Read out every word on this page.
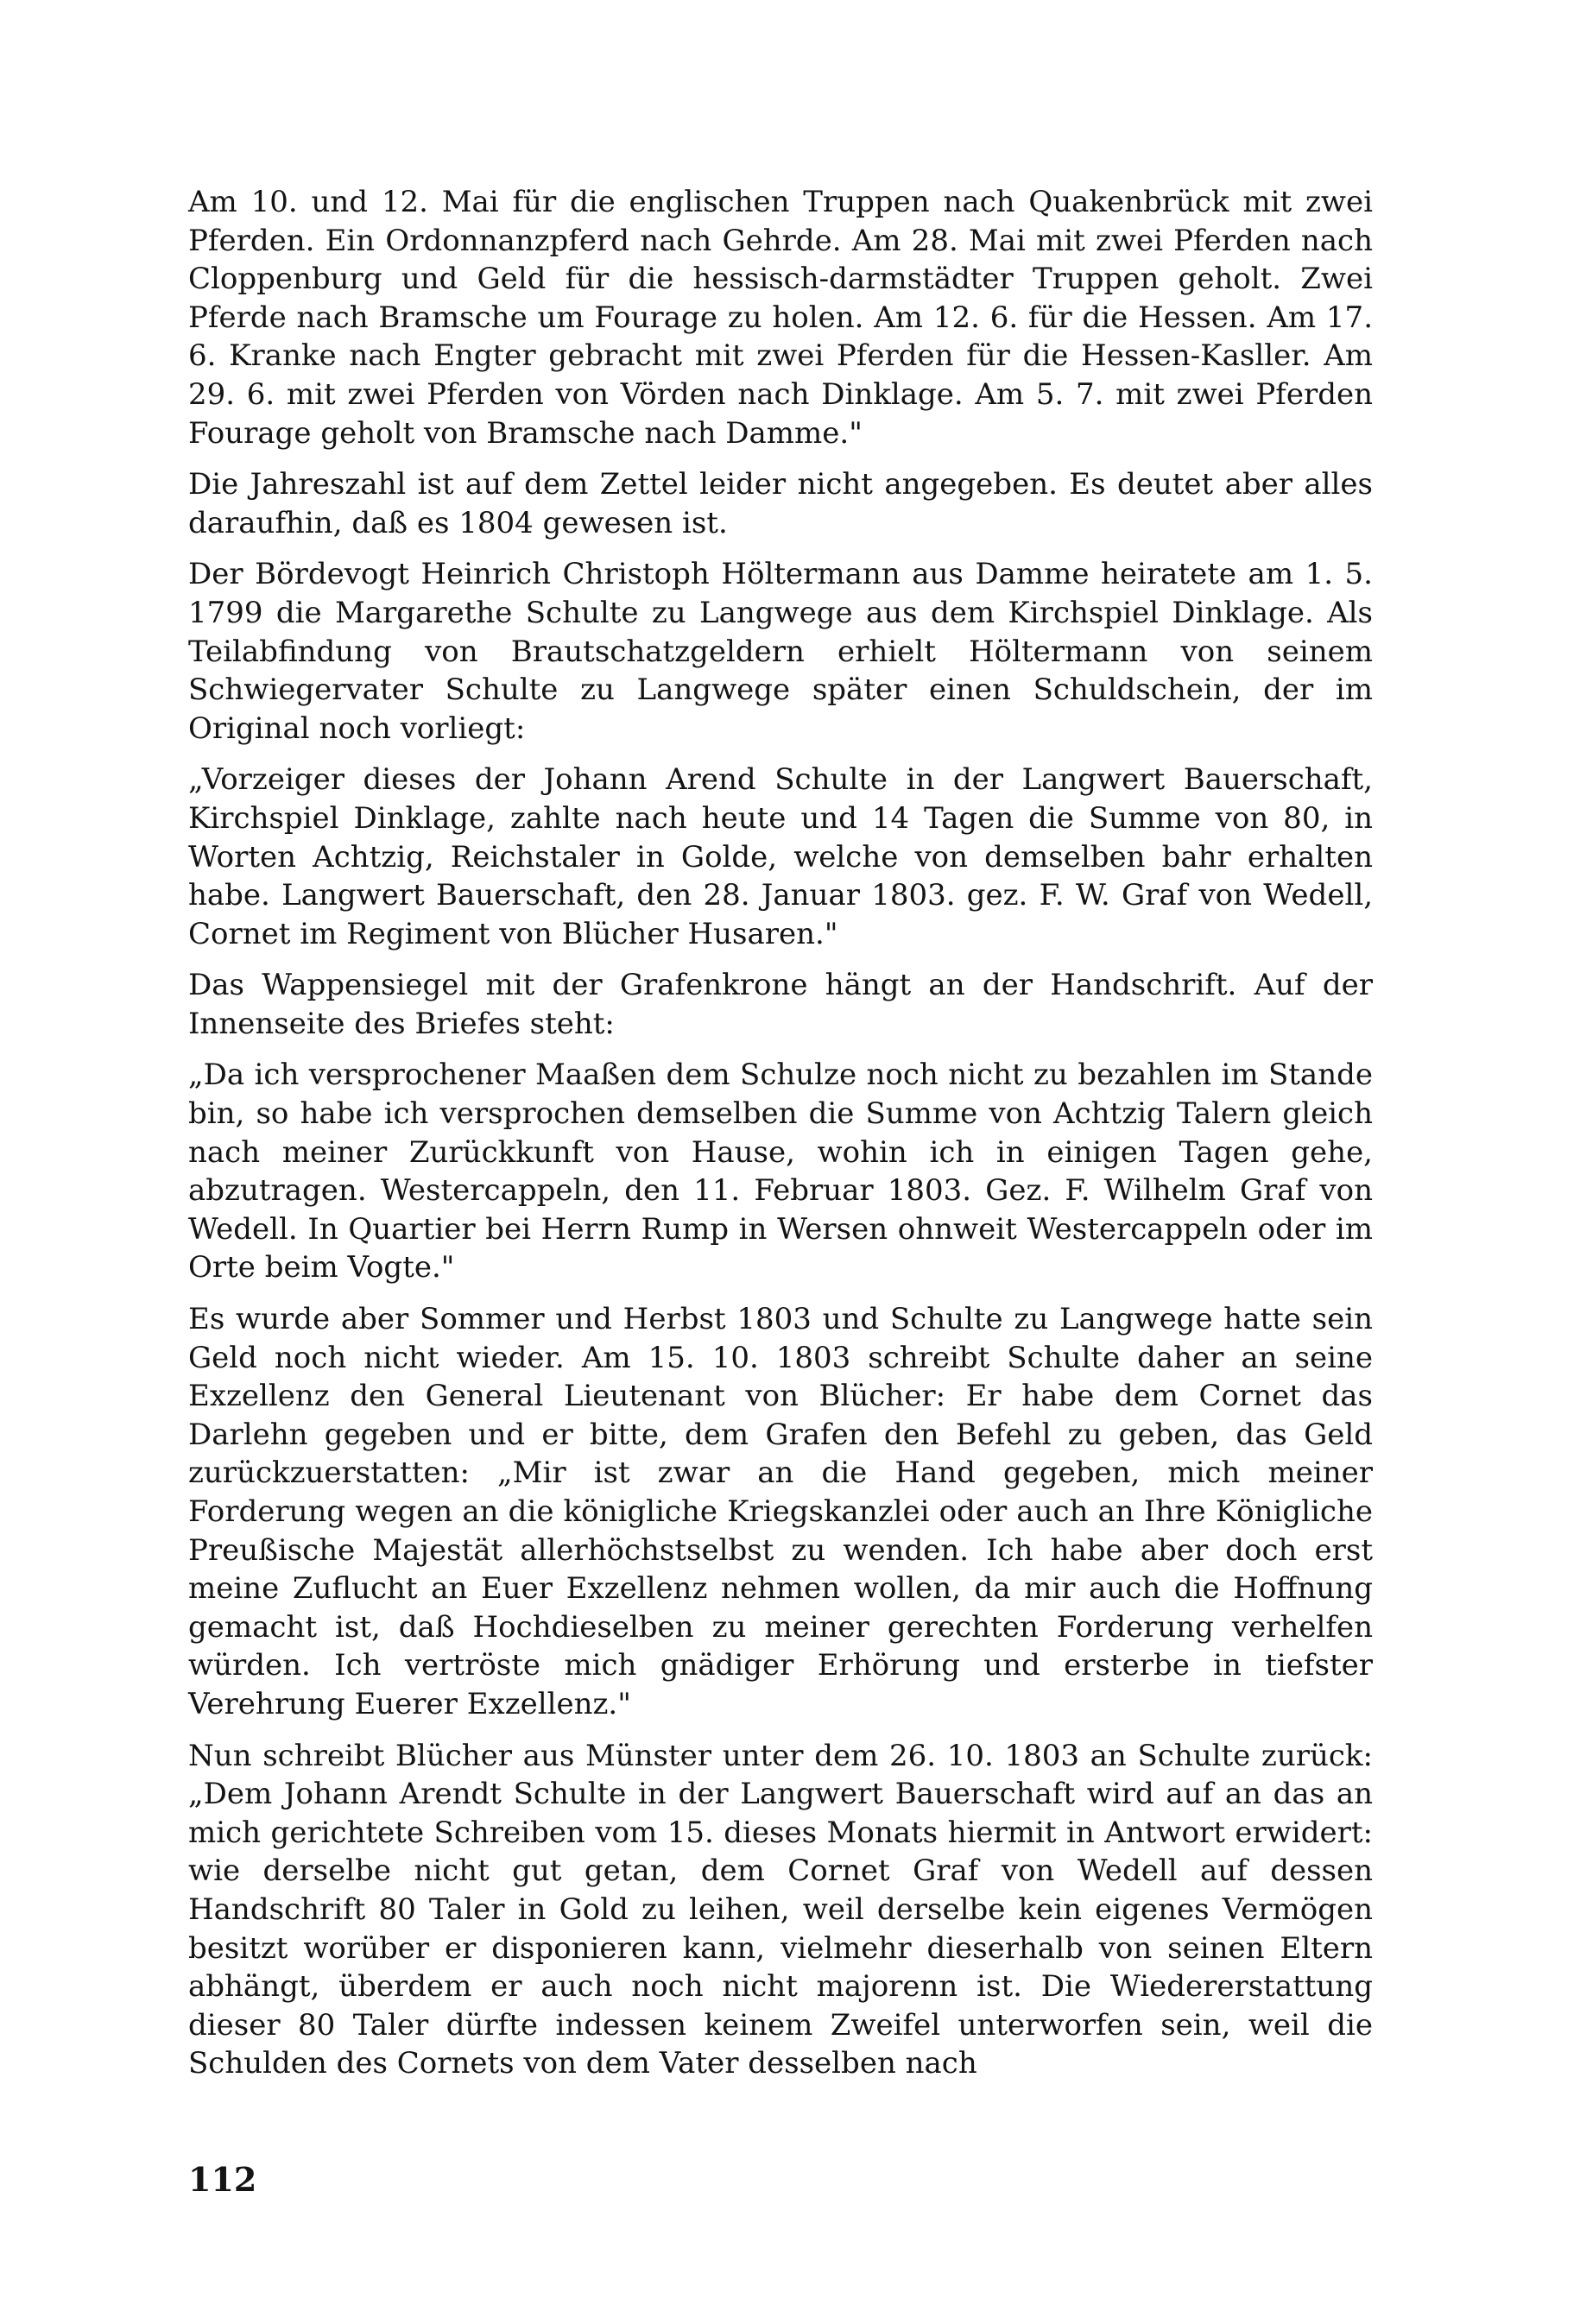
Am 10. und 12. Mai für die englischen Truppen nach Quakenbrück mit zwei Pferden. Ein Ordonnanzpferd nach Gehrde. Am 28. Mai mit zwei Pferden nach Cloppenburg und Geld für die hessisch-darmstädter Truppen geholt. Zwei Pferde nach Bramsche um Fourage zu holen. Am 12. 6. für die Hessen. Am 17. 6. Kranke nach Engter gebracht mit zwei Pferden für die Hessen-Kasller. Am 29. 6. mit zwei Pferden von Vörden nach Dinklage. Am 5. 7. mit zwei Pferden Fourage geholt von Bramsche nach Damme."

Die Jahreszahl ist auf dem Zettel leider nicht angegeben. Es deutet aber alles daraufhin, daß es 1804 gewesen ist.

Der Bördevogt Heinrich Christoph Höltermann aus Damme heiratete am 1. 5. 1799 die Margarethe Schulte zu Langwege aus dem Kirchspiel Dinklage. Als Teilabfindung von Brautschatzgeldern erhielt Höltermann von seinem Schwiegervater Schulte zu Langwege später einen Schuldschein, der im Original noch vorliegt:

„Vorzeiger dieses der Johann Arend Schulte in der Langwert Bauerschaft, Kirchspiel Dinklage, zahlte nach heute und 14 Tagen die Summe von 80, in Worten Achtzig, Reichstaler in Golde, welche von demselben bahr erhalten habe. Langwert Bauerschaft, den 28. Januar 1803. gez. F. W. Graf von Wedell, Cornet im Regiment von Blücher Husaren."

Das Wappensiegel mit der Grafenkrone hängt an der Handschrift. Auf der Innenseite des Briefes steht:

„Da ich versprochener Maaßen dem Schulze noch nicht zu bezahlen im Stande bin, so habe ich versprochen demselben die Summe von Achtzig Talern gleich nach meiner Zurückkunft von Hause, wohin ich in einigen Tagen gehe, abzutragen. Westercappeln, den 11. Februar 1803. Gez. F. Wilhelm Graf von Wedell. In Quartier bei Herrn Rump in Wersen ohnweit Westercappeln oder im Orte beim Vogte."

Es wurde aber Sommer und Herbst 1803 und Schulte zu Langwege hatte sein Geld noch nicht wieder. Am 15. 10. 1803 schreibt Schulte daher an seine Exzellenz den General Lieutenant von Blücher: Er habe dem Cornet das Darlehn gegeben und er bitte, dem Grafen den Befehl zu geben, das Geld zurückzuerstatten: „Mir ist zwar an die Hand gegeben, mich meiner Forderung wegen an die königliche Kriegskanzlei oder auch an Ihre Königliche Preußische Majestät allerhöchstselbst zu wenden. Ich habe aber doch erst meine Zuflucht an Euer Exzellenz nehmen wollen, da mir auch die Hoffnung gemacht ist, daß Hochdieselben zu meiner gerechten Forderung verhelfen würden. Ich vertröste mich gnädiger Erhörung und ersterbe in tiefster Verehrung Euerer Exzellenz."

Nun schreibt Blücher aus Münster unter dem 26. 10. 1803 an Schulte zurück: „Dem Johann Arendt Schulte in der Langwert Bauerschaft wird auf an das an mich gerichtete Schreiben vom 15. dieses Monats hiermit in Antwort erwidert: wie derselbe nicht gut getan, dem Cornet Graf von Wedell auf dessen Handschrift 80 Taler in Gold zu leihen, weil derselbe kein eigenes Vermögen besitzt worüber er disponieren kann, vielmehr dieserhalb von seinen Eltern abhängt, überdem er auch noch nicht majorenn ist. Die Wiedererstattung dieser 80 Taler dürfte indessen keinem Zweifel unterworfen sein, weil die Schulden des Cornets von dem Vater desselben nach

112
